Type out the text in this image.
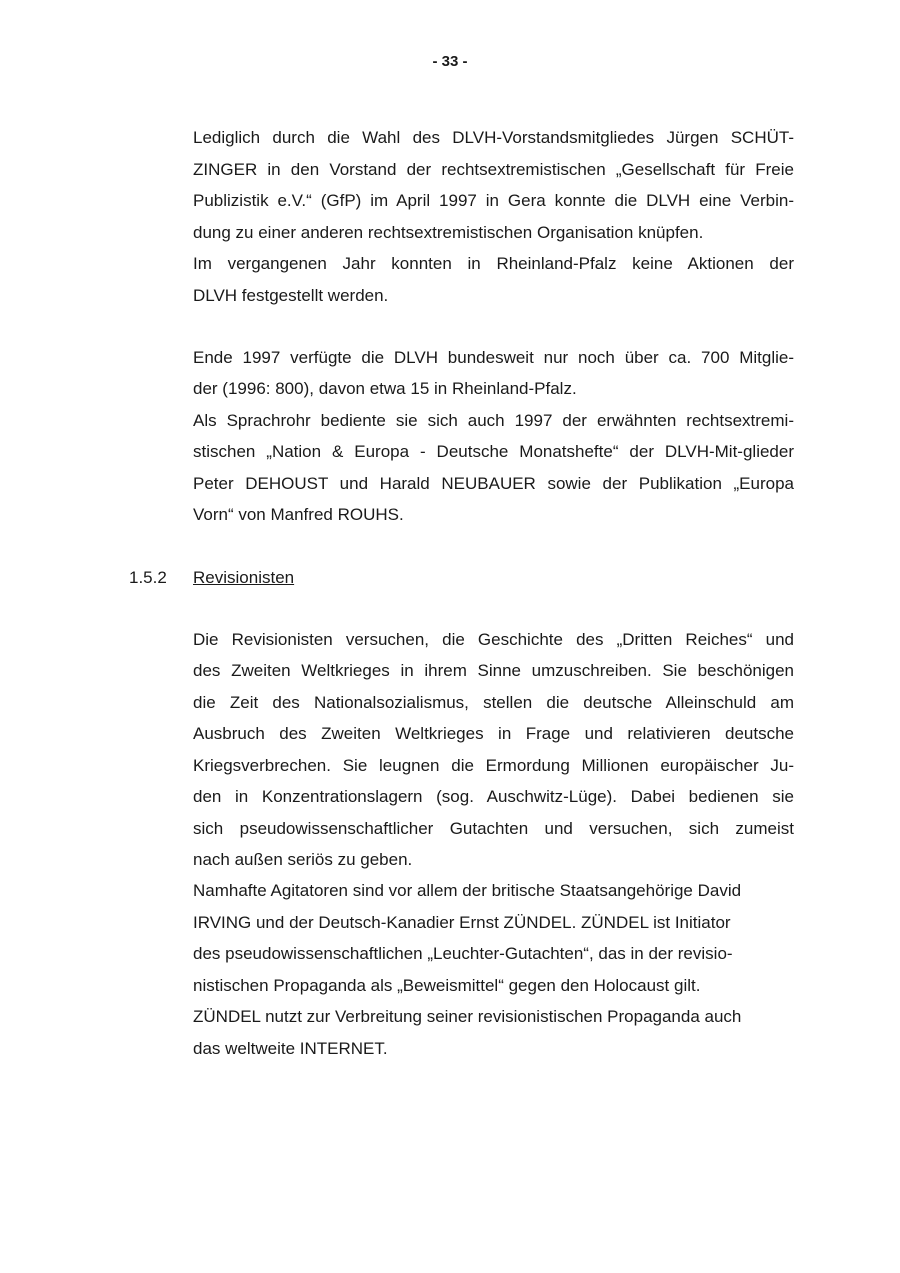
- 33 -
Lediglich durch die Wahl des DLVH-Vorstandsmitgliedes Jürgen SCHÜT-
ZINGER in den Vorstand der rechtsextremistischen „Gesellschaft für Freie
Publizistik e.V.“ (GfP) im April 1997 in Gera konnte die DLVH eine Verbin-
dung zu einer anderen rechtsextremistischen Organisation knüpfen.
Im vergangenen Jahr konnten in Rheinland-Pfalz keine Aktionen der
DLVH festgestellt werden.
Ende 1997 verfügte die DLVH bundesweit nur noch über ca. 700 Mitglie-
der (1996: 800), davon etwa 15 in Rheinland-Pfalz.
Als Sprachrohr bediente sie sich auch 1997 der erwähnten rechtsextremi-
stischen „Nation & Europa - Deutsche Monatshefte“ der DLVH-Mit-glieder
Peter DEHOUST und Harald NEUBAUER sowie der Publikation „Europa
Vorn“ von Manfred ROUHS.
1.5.2 Revisionisten
Die Revisionisten versuchen, die Geschichte des „Dritten Reiches“ und
des Zweiten Weltkrieges in ihrem Sinne umzuschreiben. Sie beschönigen
die Zeit des Nationalsozialismus, stellen die deutsche Alleinschuld am
Ausbruch des Zweiten Weltkrieges in Frage und relativieren deutsche
Kriegsverbrechen. Sie leugnen die Ermordung Millionen europäischer Ju-
den in Konzentrationslagern (sog. Auschwitz-Lüge). Dabei bedienen sie
sich pseudowissenschaftlicher Gutachten und versuchen, sich zumeist
nach außen seriös zu geben.
Namhafte Agitatoren sind vor allem der britische Staatsangehörige David
IRVING und der Deutsch-Kanadier Ernst ZÜNDEL. ZÜNDEL ist Initiator
des pseudowissenschaftlichen „Leuchter-Gutachten“, das in der revisio-
nistischen Propaganda als „Beweismittel“ gegen den Holocaust gilt.
ZÜNDEL nutzt zur Verbreitung seiner revisionistischen Propaganda auch
das weltweite INTERNET.
